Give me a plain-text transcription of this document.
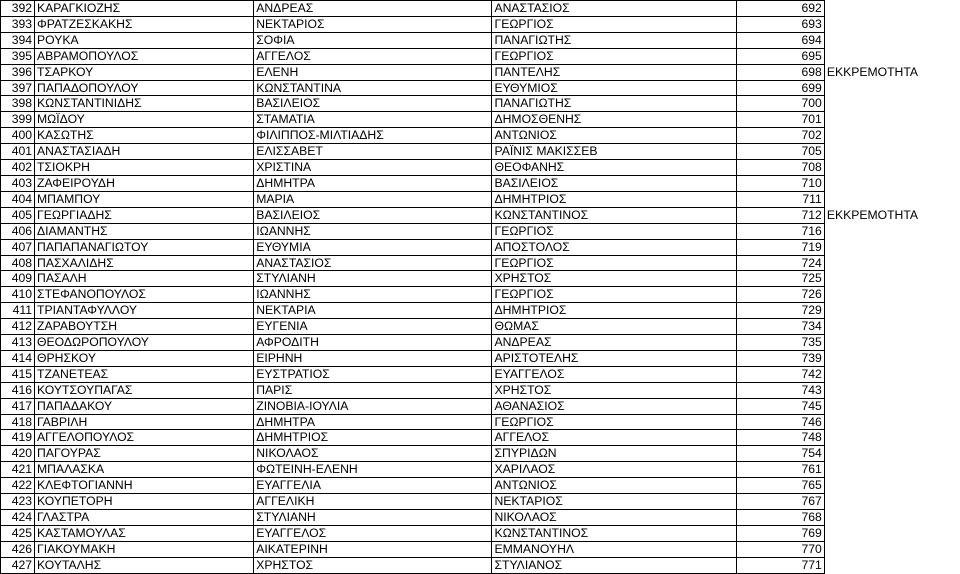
392	ΚΑΡΑΓΚΙΟΖΗΣ	ΑΝΔΡΕΑΣ	ΑΝΑΣΤΑΣΙΟΣ	692	
393	ΦΡΑΤΖΕΣΚΑΚΗΣ	ΝΕΚΤΑΡΙΟΣ	ΓΕΩΡΓΙΟΣ	693	
394	ΡΟΥΚΑ	ΣΟΦΙΑ	ΠΑΝΑΓΙΩΤΗΣ	694	
395	ΑΒΡΑΜΟΠΟΥΛΟΣ	ΑΓΓΕΛΟΣ	ΓΕΩΡΓΙΟΣ	695	
396	ΤΣΑΡΚΟΥ	ΕΛΕΝΗ	ΠΑΝΤΕΛΗΣ	698	ΕΚΚΡΕΜΟΤΗΤΑ
397	ΠΑΠΑΔΟΠΟΥΛΟΥ	ΚΩΝΣΤΑΝΤΙΝΑ	ΕΥΘΥΜΙΟΣ	699	
398	ΚΩΝΣΤΑΝΤΙΝΙΔΗΣ	ΒΑΣΙΛΕΙΟΣ	ΠΑΝΑΓΙΩΤΗΣ	700	
399	ΜΩΪΔΟΥ	ΣΤΑΜΑΤΙΑ	ΔΗΜΟΣΘΕΝΗΣ	701	
400	ΚΑΣΩΤΗΣ	ΦΙΛΙΠΠΟΣ-ΜΙΛΤΙΑΔΗΣ	ΑΝΤΩΝΙΟΣ	702	
401	ΑΝΑΣΤΑΣΙΑΔΗ	ΕΛΙΣΣΑΒΕΤ	ΡΑΪΝΙΣ ΜΑΚΙΣΣΕΒ	705	
402	ΤΣΙΟΚΡΗ	ΧΡΙΣΤΙΝΑ	ΘΕΟΦΑΝΗΣ	708	
403	ΖΑΦΕΙΡΟΥΔΗ	ΔΗΜΗΤΡΑ	ΒΑΣΙΛΕΙΟΣ	710	
404	ΜΠΑΜΠΟΥ	ΜΑΡΙΑ	ΔΗΜΗΤΡΙΟΣ	711	
405	ΓΕΩΡΓΙΑΔΗΣ	ΒΑΣΙΛΕΙΟΣ	ΚΩΝΣΤΑΝΤΙΝΟΣ	712	ΕΚΚΡΕΜΟΤΗΤΑ
406	ΔΙΑΜΑΝΤΗΣ	ΙΩΑΝΝΗΣ	ΓΕΩΡΓΙΟΣ	716	
407	ΠΑΠΑΠΑΝΑΓΙΩΤΟΥ	ΕΥΘΥΜΙΑ	ΑΠΟΣΤΟΛΟΣ	719	
408	ΠΑΣΧΑΛΙΔΗΣ	ΑΝΑΣΤΑΣΙΟΣ	ΓΕΩΡΓΙΟΣ	724	
409	ΠΑΣΑΛΗ	ΣΤΥΛΙΑΝΗ	ΧΡΗΣΤΟΣ	725	
410	ΣΤΕΦΑΝΟΠΟΥΛΟΣ	ΙΩΑΝΝΗΣ	ΓΕΩΡΓΙΟΣ	726	
411	ΤΡΙΑΝΤΑΦΥΛΛΟΥ	ΝΕΚΤΑΡΙΑ	ΔΗΜΗΤΡΙΟΣ	729	
412	ΖΑΡΑΒΟΥΤΣΗ	ΕΥΓΕΝΙΑ	ΘΩΜΑΣ	734	
413	ΘΕΟΔΩΡΟΠΟΥΛΟΥ	ΑΦΡΟΔΙΤΗ	ΑΝΔΡΕΑΣ	735	
414	ΘΡΗΣΚΟΥ	ΕΙΡΗΝΗ	ΑΡΙΣΤΟΤΕΛΗΣ	739	
415	ΤΖΑΝΕΤΕΑΣ	ΕΥΣΤΡΑΤΙΟΣ	ΕΥΑΓΓΕΛΟΣ	742	
416	ΚΟΥΤΣΟΥΠΑΓΑΣ	ΠΑΡΙΣ	ΧΡΗΣΤΟΣ	743	
417	ΠΑΠΑΔΑΚΟΥ	ΖΙΝΟΒΙΑ-ΙΟΥΛΙΑ	ΑΘΑΝΑΣΙΟΣ	745	
418	ΓΑΒΡΙΛΗ	ΔΗΜΗΤΡΑ	ΓΕΩΡΓΙΟΣ	746	
419	ΑΓΓΕΛΟΠΟΥΛΟΣ	ΔΗΜΗΤΡΙΟΣ	ΑΓΓΕΛΟΣ	748	
420	ΠΑΓΟΥΡΑΣ	ΝΙΚΟΛΑΟΣ	ΣΠΥΡΙΔΩΝ	754	
421	ΜΠΑΛΑΣΚΑ	ΦΩΤΕΙΝΗ-ΕΛΕΝΗ	ΧΑΡΙΛΑΟΣ	761	
422	ΚΛΕΦΤΟΓΙΑΝΝΗ	ΕΥΑΓΓΕΛΙΑ	ΑΝΤΩΝΙΟΣ	765	
423	ΚΟΥΠΕΤΟΡΗ	ΑΓΓΕΛΙΚΗ	ΝΕΚΤΑΡΙΟΣ	767	
424	ΓΛΑΣΤΡΑ	ΣΤΥΛΙΑΝΗ	ΝΙΚΟΛΑΟΣ	768	
425	ΚΑΣΤΑΜΟΥΛΑΣ	ΕΥΑΓΓΕΛΟΣ	ΚΩΝΣΤΑΝΤΙΝΟΣ	769	
426	ΓΙΑΚΟΥΜΑΚΗ	ΑΙΚΑΤΕΡΙΝΗ	ΕΜΜΑΝΟΥΗΛ	770	
427	ΚΟΥΤΑΛΗΣ	ΧΡΗΣΤΟΣ	ΣΤΥΛΙΑΝΟΣ	771	
